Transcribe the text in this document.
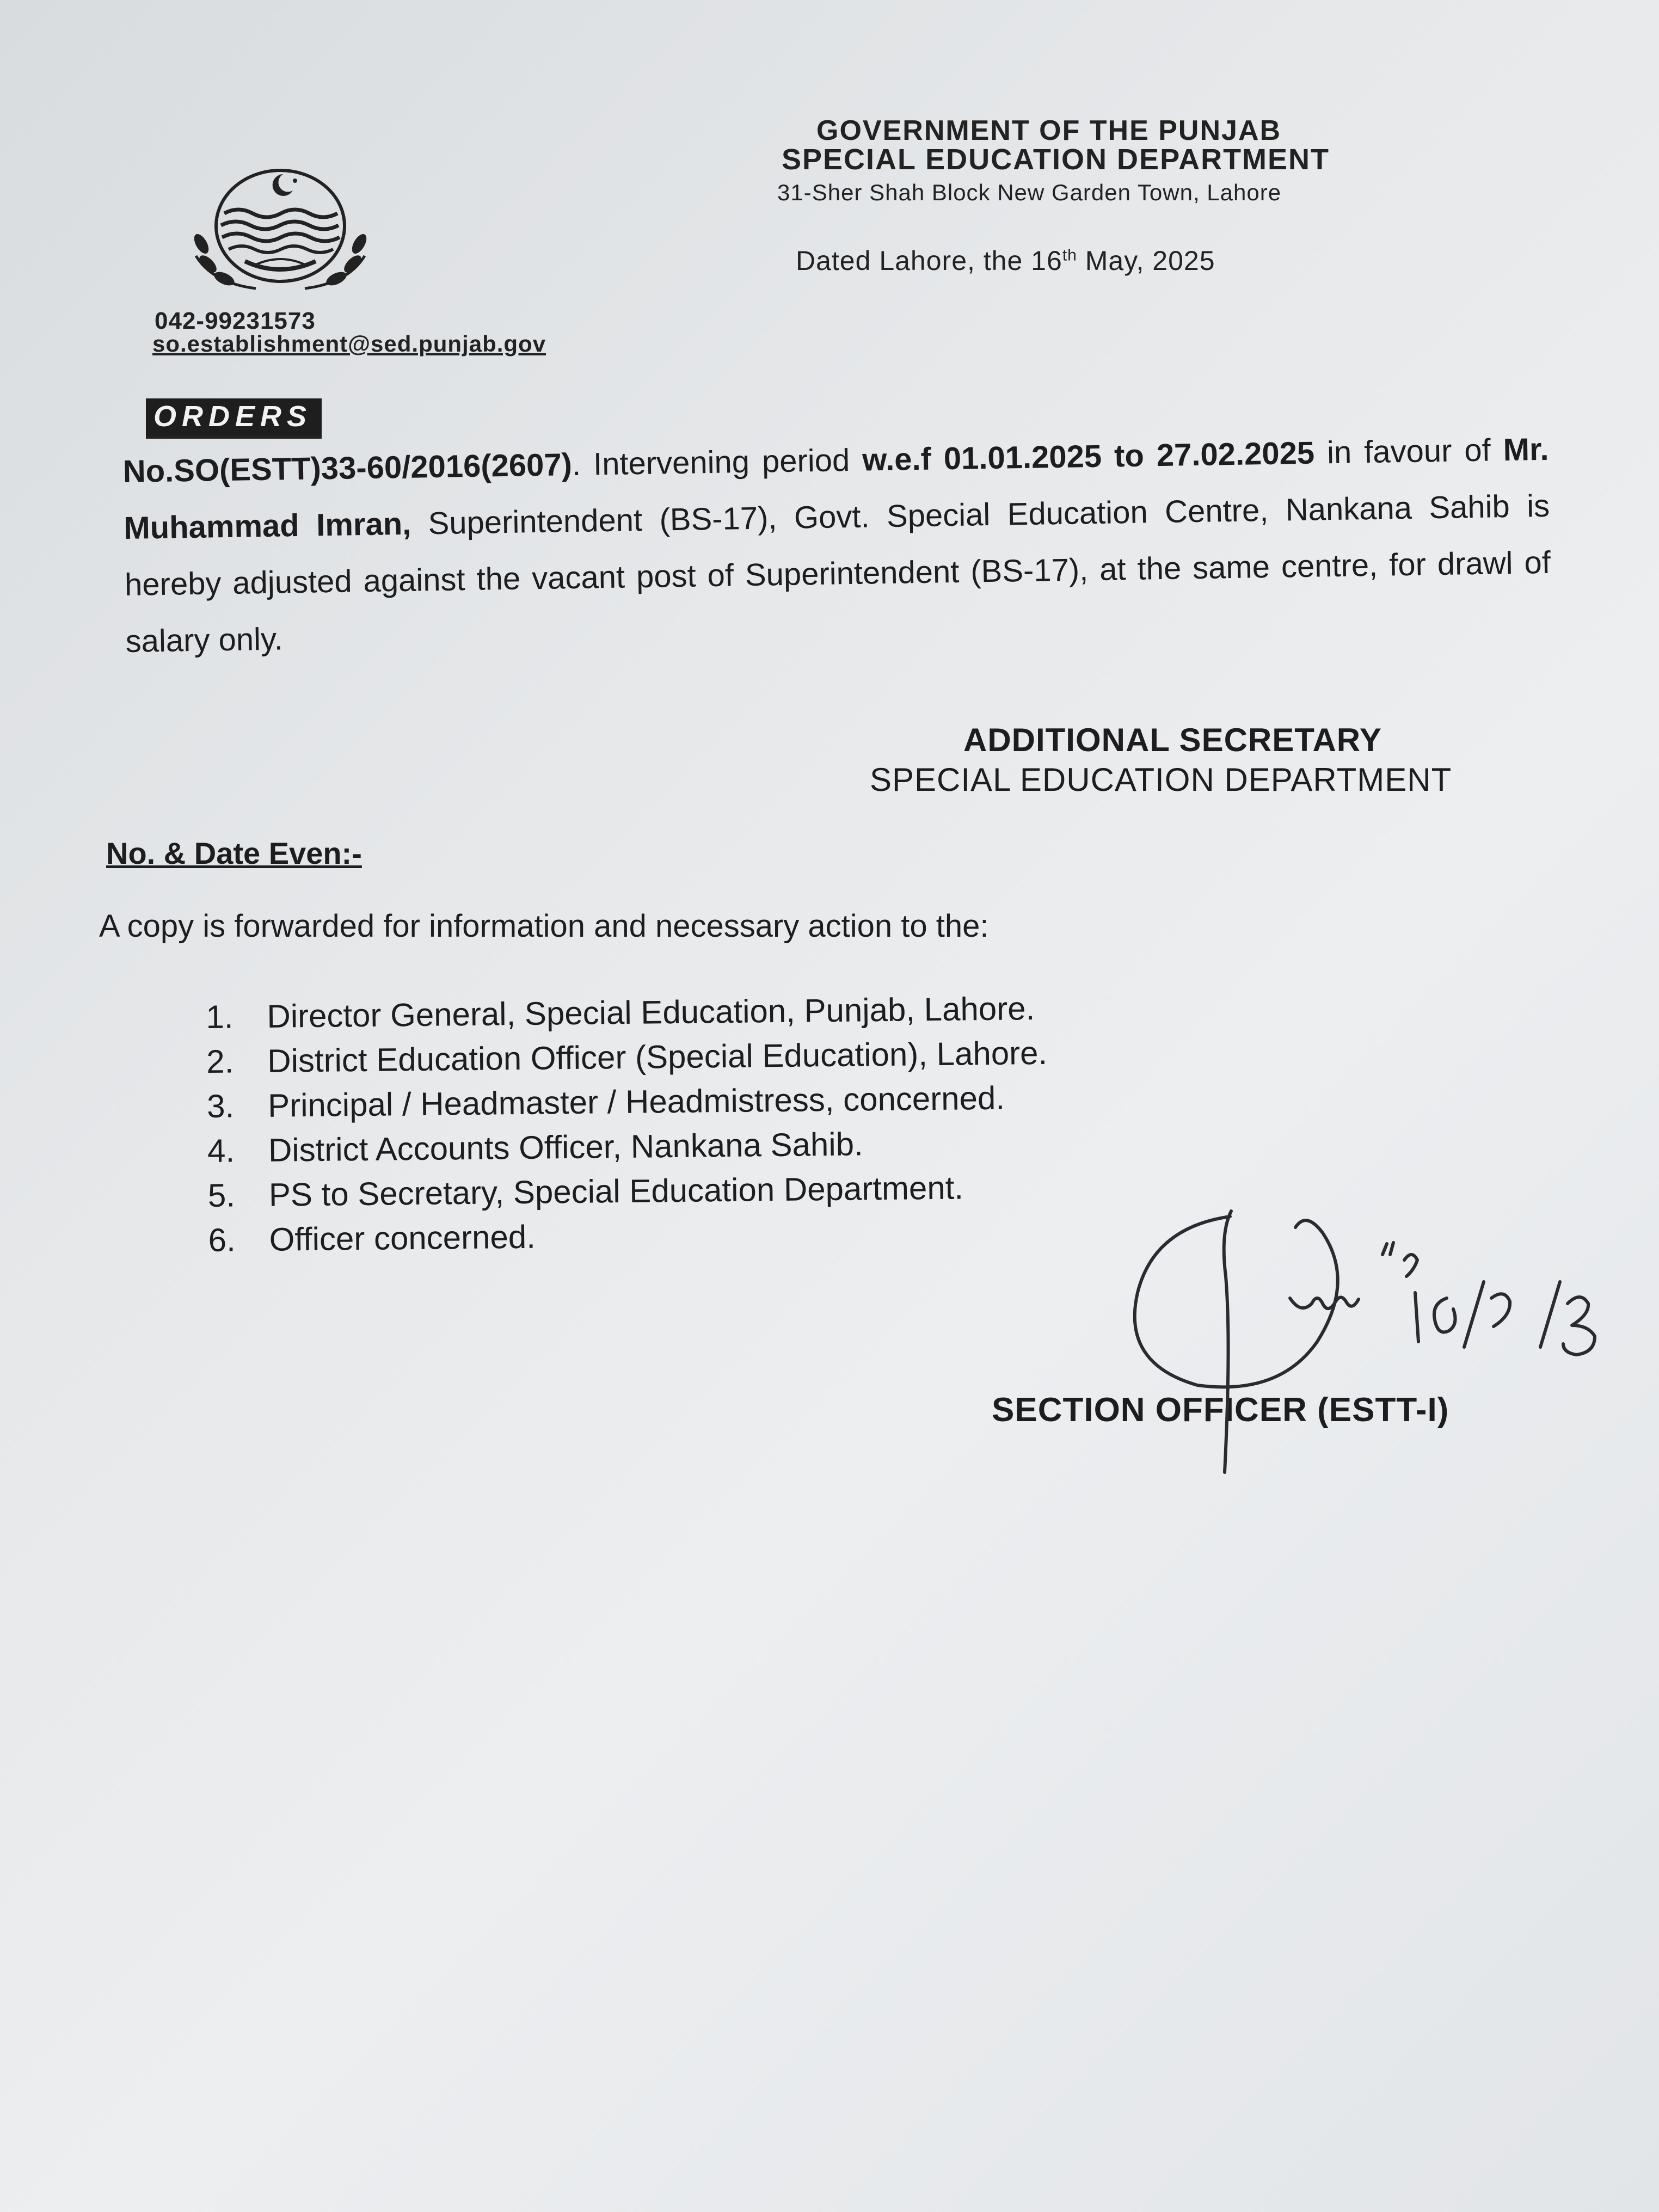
GOVERNMENT OF THE PUNJAB
SPECIAL EDUCATION DEPARTMENT
31-Sher Shah Block New Garden Town, Lahore
Dated Lahore, the 16th May, 2025
042-99231573
so.establishment@sed.punjab.gov
ORDERS
No.SO(ESTT)33-60/2016(2607). Intervening period w.e.f 01.01.2025 to 27.02.2025 in favour of Mr. Muhammad Imran, Superintendent (BS-17), Govt. Special Education Centre, Nankana Sahib is hereby adjusted against the vacant post of Superintendent (BS-17), at the same centre, for drawl of salary only.
ADDITIONAL SECRETARY
SPECIAL EDUCATION DEPARTMENT
No. & Date Even:-
A copy is forwarded for information and necessary action to the:
1. Director General, Special Education, Punjab, Lahore.
2. District Education Officer (Special Education), Lahore.
3. Principal / Headmaster / Headmistress, concerned.
4. District Accounts Officer, Nankana Sahib.
5. PS to Secretary, Special Education Department.
6. Officer concerned.
SECTION OFFICER (ESTT-I)
